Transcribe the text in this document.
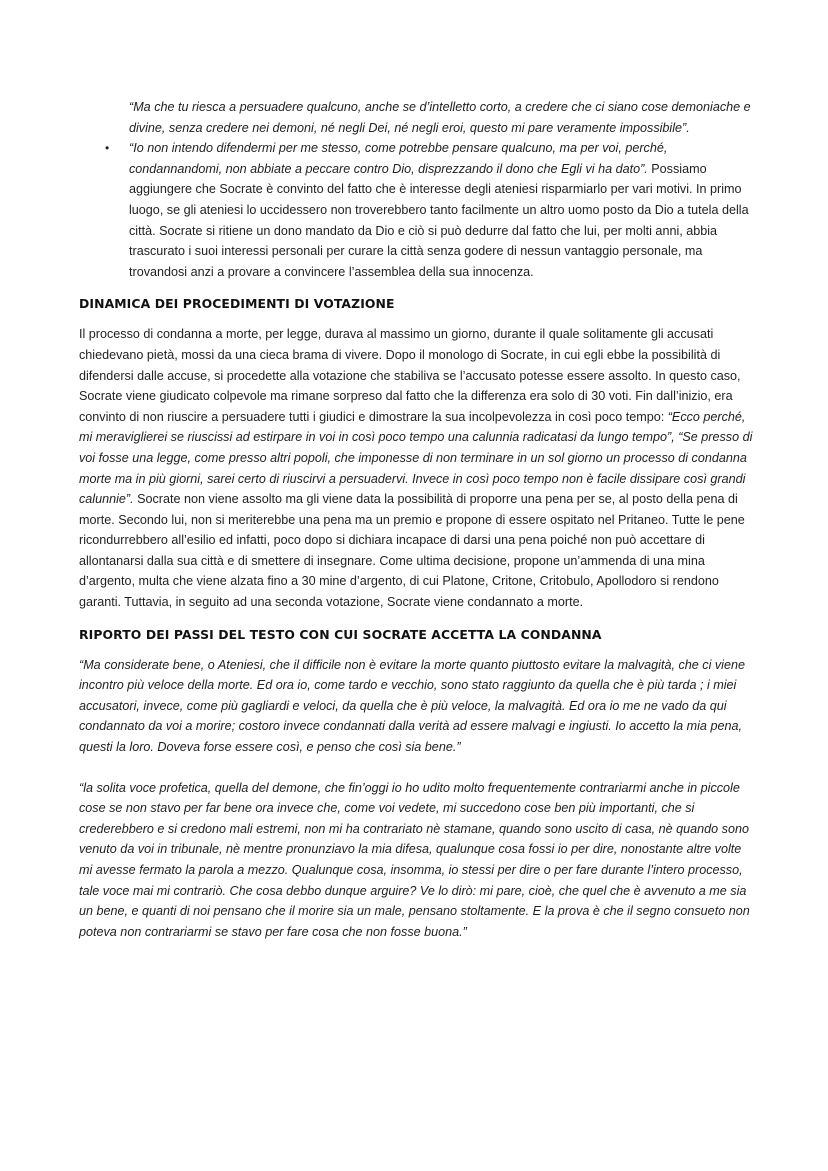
“Ma che tu riesca a persuadere qualcuno, anche se d’intelletto corto, a credere che ci siano cose demoniache e divine, senza credere nei demoni, né negli Dei, né negli eroi, questo mi pare veramente impossibile”.

• “Io non intendo difendermi per me stesso, come potrebbe pensare qualcuno, ma per voi, perché, condannandomi, non abbiate a peccare contro Dio, disprezzando il dono che Egli vi ha dato”. Possiamo aggiungere che Socrate è convinto del fatto che è interesse degli ateniesi risparmiarlo per vari motivi. In primo luogo, se gli ateniesi lo uccidessero non troverebbero tanto facilmente un altro uomo posto da Dio a tutela della città. Socrate si ritiene un dono mandato da Dio e ciò si può dedurre dal fatto che lui, per molti anni, abbia trascurato i suoi interessi personali per curare la città senza godere di nessun vantaggio personale, ma trovandosi anzi a provare a convincere l’assemblea della sua innocenza.

DINAMICA DEI PROCEDIMENTI DI VOTAZIONE

Il processo di condanna a morte, per legge, durava al massimo un giorno, durante il quale solitamente gli accusati chiedevano pietà, mossi da una cieca brama di vivere. Dopo il monologo di Socrate, in cui egli ebbe la possibilità di difendersi dalle accuse, si procedette alla votazione che stabiliva se l’accusato potesse essere assolto. In questo caso, Socrate viene giudicato colpevole ma rimane sorpreso dal fatto che la differenza era solo di 30 voti. Fin dall’inizio, era convinto di non riuscire a persuadere tutti i giudici e dimostrare la sua incolpevolezza in così poco tempo: “Ecco perché, mi meraviglierei se riuscissi ad estirpare in voi in così poco tempo una calunnia radicatasi da lungo tempo”, “Se presso di voi fosse una legge, come presso altri popoli, che imponesse di non terminare in un sol giorno un processo di condanna morte ma in più giorni, sarei certo di riuscirvi a persuadervi. Invece in così poco tempo non è facile dissipare così grandi calunnie”. Socrate non viene assolto ma gli viene data la possibilità di proporre una pena per se, al posto della pena di morte. Secondo lui, non si meriterebbe una pena ma un premio e propone di essere ospitato nel Pritaneo. Tutte le pene ricondurrebbero all’esilio ed infatti, poco dopo si dichiara incapace di darsi una pena poiché non può accettare di allontanarsi dalla sua città e di smettere di insegnare. Come ultima decisione, propone un’ammenda di una mina d’argento, multa che viene alzata fino a 30 mine d’argento, di cui Platone, Critone, Critobulo, Apollodoro si rendono garanti. Tuttavia, in seguito ad una seconda votazione, Socrate viene condannato a morte.

RIPORTO DEI PASSI DEL TESTO CON CUI SOCRATE ACCETTA LA CONDANNA

“Ma considerate bene, o Ateniesi, che il difficile non è evitare la morte quanto piuttosto evitare la malvagità, che ci viene incontro più veloce della morte. Ed ora io, come tardo e vecchio, sono stato raggiunto da quella che è più tarda ; i miei accusatori, invece, come più gagliardi e veloci, da quella che è più veloce, la malvagità. Ed ora io me ne vado da qui condannato da voi a morire; costoro invece condannati dalla verità ad essere malvagi e ingiusti. Io accetto la mia pena, questi la loro. Doveva forse essere così, e penso che così sia bene.”

“la solita voce profetica, quella del demone, che fin’oggi io ho udito molto frequentemente contrariarmi anche in piccole cose se non stavo per far bene ora invece che, come voi vedete, mi succedono cose ben più importanti, che si crederebbero e si credono mali estremi, non mi ha contrariato nè stamane, quando sono uscito di casa, nè quando sono venuto da voi in tribunale, nè mentre pronunziavo la mia difesa, qualunque cosa fossi io per dire, nonostante altre volte mi avesse fermato la parola a mezzo. Qualunque cosa, insomma, io stessi per dire o per fare durante l’intero processo, tale voce mai mi contrariò. Che cosa debbo dunque arguire? Ve lo dirò: mi pare, cioè, che quel che è avvenuto a me sia un bene, e quanti di noi pensano che il morire sia un male, pensano stoltamente. E la prova è che il segno consueto non poteva non contrariarmi se stavo per fare cosa che non fosse buona.”
